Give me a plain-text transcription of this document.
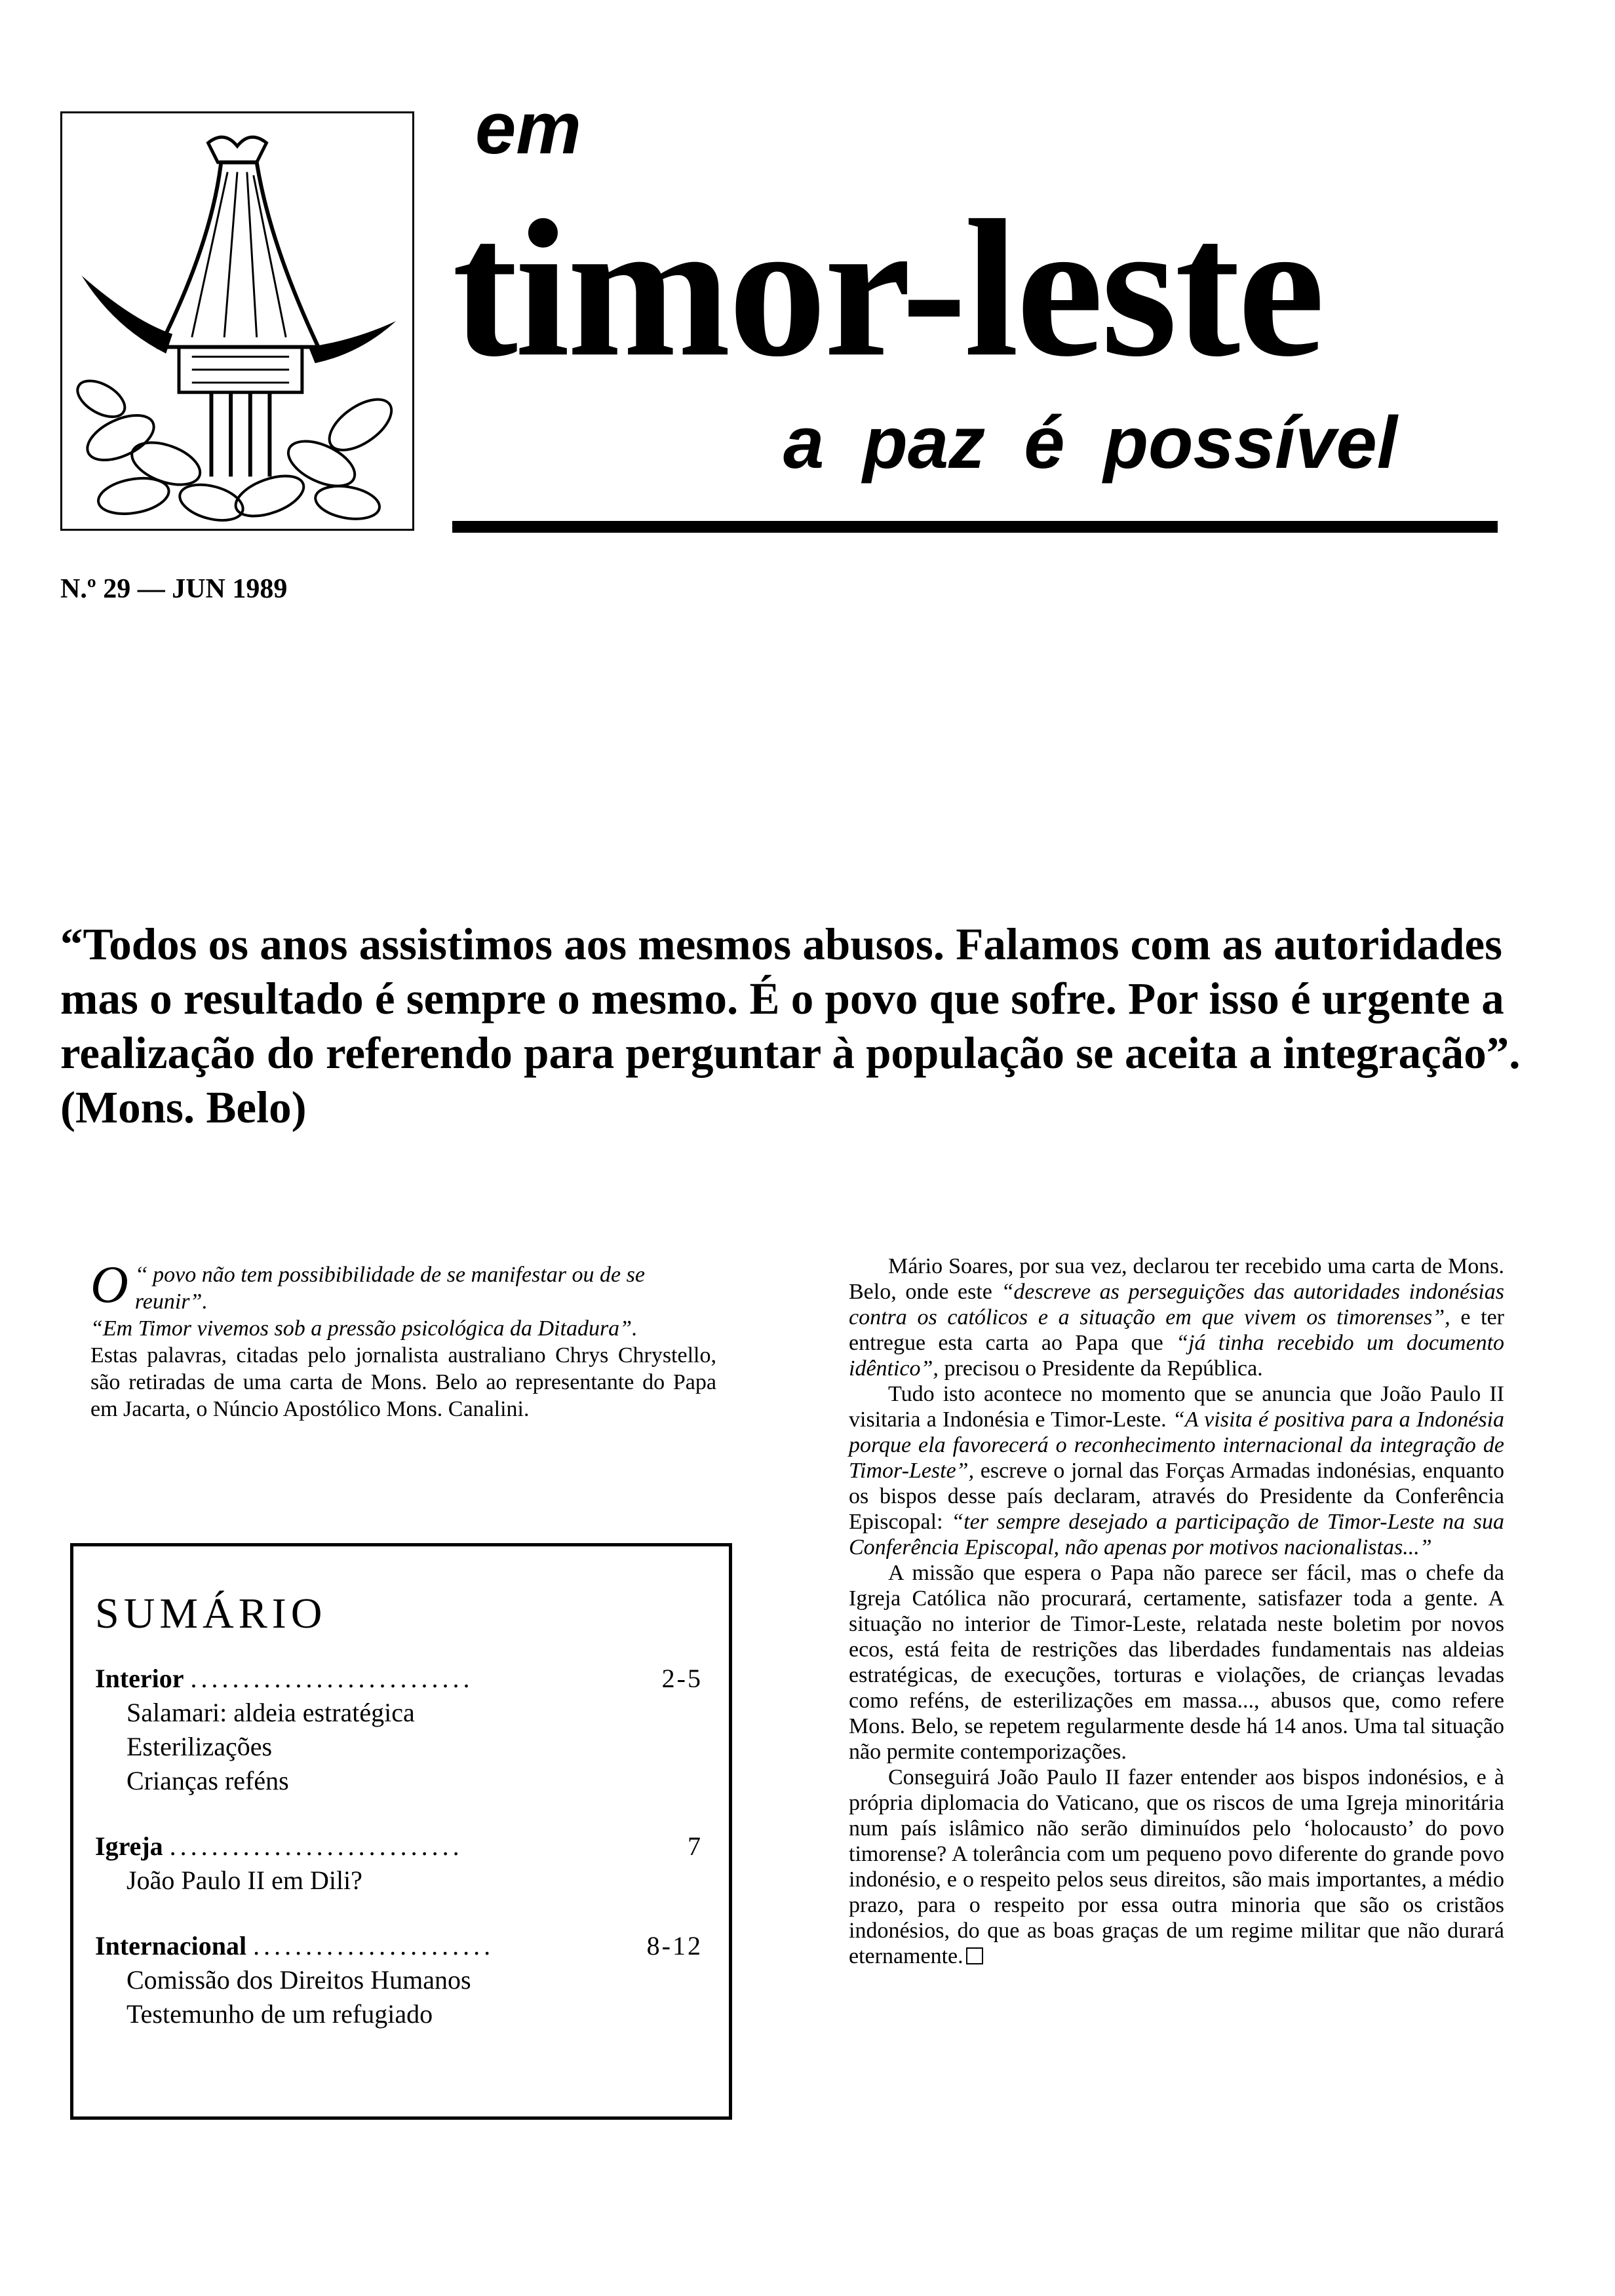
em
timor-leste
a paz é possível
N.º 29 — JUN 1989
“Todos os anos assistimos aos mesmos abusos. Falamos com as autoridades mas o resultado é sempre o mesmo. É o povo que sofre. Por isso é urgente a realização do referendo para perguntar à população se aceita a integração”. (Mons. Belo)

‘‘
O povo não tem possibibilidade de se manifestar ou de se reunir”.

“Em Timor vivemos sob a pressão psicológica da Ditadura”.

Estas palavras, citadas pelo jornalista australiano Chrys Chrystello, são retiradas de uma carta de Mons. Belo ao representante do Papa em Jacarta, o Núncio Apostólico Mons. Canalini.

SUMÁRIO
Interior ...........................	2-5
Salamari: aldeia estratégica
Esterilizações
Crianças reféns
Igreja ............................	7
João Paulo II em Dili?
Internacional .......................	8-12
Comissão dos Direitos Humanos
Testemunho de um refugiado

Mário Soares, por sua vez, declarou ter recebido uma carta de Mons. Belo, onde este “descreve as perseguições das autoridades indonésias contra os católicos e a situação em que vivem os timorenses”, e ter entregue esta carta ao Papa que “já tinha recebido um documento idêntico”, precisou o Presidente da República.

Tudo isto acontece no momento que se anuncia que João Paulo II visitaria a Indonésia e Timor-Leste. “A visita é positiva para a Indonésia porque ela favorecerá o reconhecimento internacional da integração de Timor-Leste”, escreve o jornal das Forças Armadas indonésias, enquanto os bispos desse país declaram, através do Presidente da Conferência Episcopal: “ter sempre desejado a participação de Timor-Leste na sua Conferência Episcopal, não apenas por motivos nacionalistas...”

A missão que espera o Papa não parece ser fácil, mas o chefe da Igreja Católica não procurará, certamente, satisfazer toda a gente. A situação no interior de Timor-Leste, relatada neste boletim por novos ecos, está feita de restrições das liberdades fundamentais nas aldeias estratégicas, de execuções, torturas e violações, de crianças levadas como reféns, de esterilizações em massa..., abusos que, como refere Mons. Belo, se repetem regularmente desde há 14 anos. Uma tal situação não permite contemporizações.

Conseguirá João Paulo II fazer entender aos bispos indonésios, e à própria diplomacia do Vaticano, que os riscos de uma Igreja minoritária num país islâmico não serão diminuídos pelo ‘holocausto’ do povo timorense? A tolerância com um pequeno povo diferente do grande povo indonésio, e o respeito pelos seus direitos, são mais importantes, a médio prazo, para o respeito por essa outra minoria que são os cristãos indonésios, do que as boas graças de um regime militar que não durará eternamente.
